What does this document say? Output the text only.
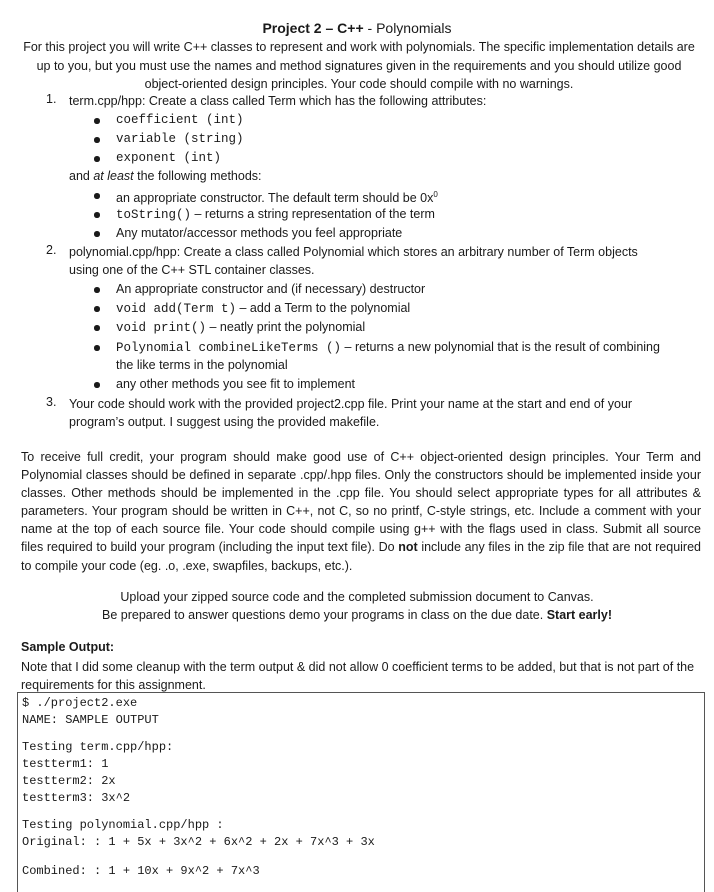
Project 2 – C++ - Polynomials
For this project you will write C++ classes to represent and work with polynomials. The specific implementation details are up to you, but you must use the names and method signatures given in the requirements and you should utilize good object-oriented design principles. Your code should compile with no warnings.
1. term.cpp/hpp: Create a class called Term which has the following attributes:
coefficient (int)
variable (string)
exponent (int)
and at least the following methods:
an appropriate constructor. The default term should be $0x^0$
toString() – returns a string representation of the term
Any mutator/accessor methods you feel appropriate
2. polynomial.cpp/hpp: Create a class called Polynomial which stores an arbitrary number of Term objects
using one of the C++ STL container classes.
An appropriate constructor and (if necessary) destructor
void add(Term t) – add a Term to the polynomial
void print() – neatly print the polynomial
Polynomial combineLikeTerms () – returns a new polynomial that is the result of combining
the like terms in the polynomial
any other methods you see fit to implement
3. Your code should work with the provided project2.cpp file. Print your name at the start and end of your
program’s output. I suggest using the provided makefile.
To receive full credit, your program should make good use of C++ object-oriented design principles. Your Term and Polynomial classes should be defined in separate .cpp/.hpp files. Only the constructors should be implemented inside your classes. Other methods should be implemented in the .cpp file. You should select appropriate types for all attributes & parameters. Your program should be written in C++, not C, so no printf, C-style strings, etc. Include a comment with your name at the top of each source file. Your code should compile using g++ with the flags used in class. Submit all source files required to build your program (including the input text file). Do not include any files in the zip file that are not required to compile your code (eg. .o, .exe, swapfiles, backups, etc.).
Upload your zipped source code and the completed submission document to Canvas.
Be prepared to answer questions demo your programs in class on the due date. Start early!
Sample Output:
Note that I did some cleanup with the term output & did not allow 0 coefficient terms to be added, but that is not part of the requirements for this assignment.
$ ./project2.exe
NAME: SAMPLE OUTPUT
Testing term.cpp/hpp:
testterm1: 1
testterm2: 2x
testterm3: 3x^2
Testing polynomial.cpp/hpp :
Original: : 1 + 5x + 3x^2 + 6x^2 + 2x + 7x^3 + 3x
Combined: : 1 + 10x + 9x^2 + 7x^3
